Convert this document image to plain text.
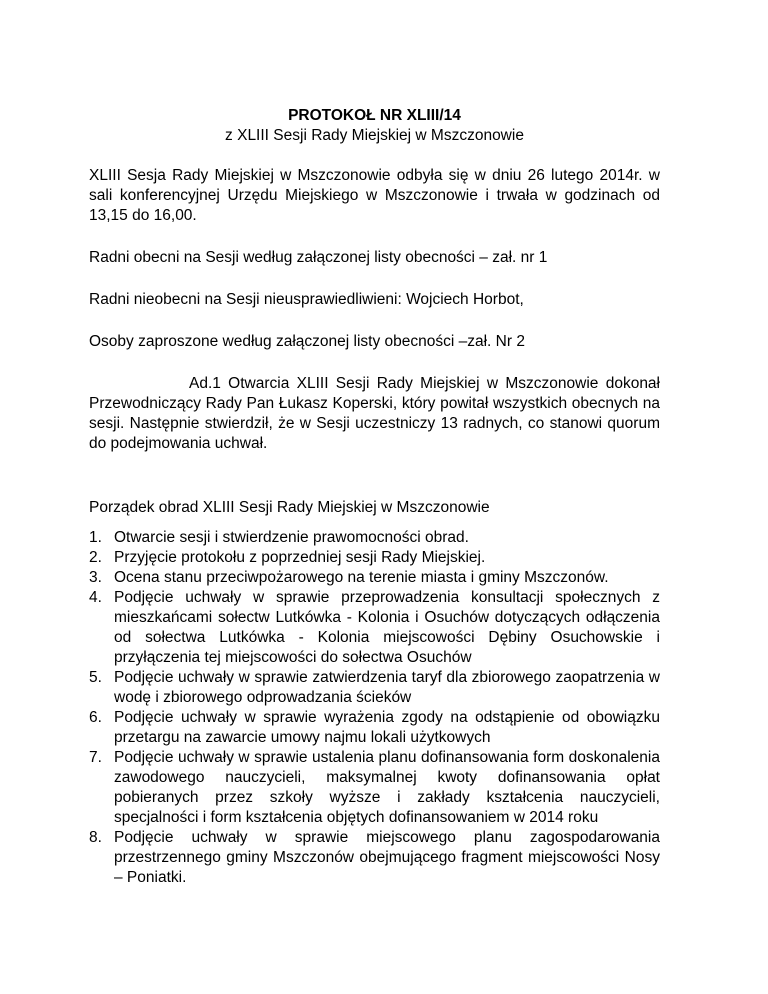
PROTOKOŁ NR XLIII/14

z XLIII Sesji Rady Miejskiej w Mszczonowie

XLIII Sesja Rady Miejskiej w Mszczonowie odbyła się w dniu 26 lutego 2014r. w sali konferencyjnej Urzędu Miejskiego w Mszczonowie i trwała w godzinach od 13,15 do 16,00.

Radni obecni na Sesji według załączonej listy obecności – zał. nr 1

Radni nieobecni na Sesji nieusprawiedliwieni: Wojciech Horbot,

Osoby zaproszone według załączonej listy obecności –zał. Nr 2

Ad.1 Otwarcia XLIII Sesji Rady Miejskiej w Mszczonowie dokonał Przewodniczący Rady Pan Łukasz Koperski, który powitał wszystkich obecnych na sesji. Następnie stwierdził, że w Sesji uczestniczy 13 radnych, co stanowi quorum do podejmowania uchwał.

Porządek obrad XLIII Sesji Rady Miejskiej w Mszczonowie

1. Otwarcie sesji i stwierdzenie prawomocności obrad.
2. Przyjęcie protokołu z poprzedniej sesji Rady Miejskiej.
3. Ocena stanu przeciwpożarowego na terenie miasta i gminy Mszczonów.
4. Podjęcie uchwały w sprawie przeprowadzenia konsultacji społecznych z mieszkańcami sołectw Lutkówka - Kolonia i Osuchów dotyczących odłączenia od sołectwa Lutkówka - Kolonia miejscowości Dębiny Osuchowskie i przyłączenia tej miejscowości do sołectwa Osuchów
5. Podjęcie uchwały w sprawie zatwierdzenia taryf dla zbiorowego zaopatrzenia w wodę i zbiorowego odprowadzania ścieków
6. Podjęcie uchwały w sprawie wyrażenia zgody na odstąpienie od obowiązku przetargu na zawarcie umowy najmu lokali użytkowych
7. Podjęcie uchwały w sprawie ustalenia planu dofinansowania form doskonalenia zawodowego nauczycieli, maksymalnej kwoty dofinansowania opłat pobieranych przez szkoły wyższe i zakłady kształcenia nauczycieli, specjalności i form kształcenia objętych dofinansowaniem w 2014 roku
8. Podjęcie uchwały w sprawie miejscowego planu zagospodarowania przestrzennego gminy Mszczonów obejmującego fragment miejscowości Nosy – Poniatki.
